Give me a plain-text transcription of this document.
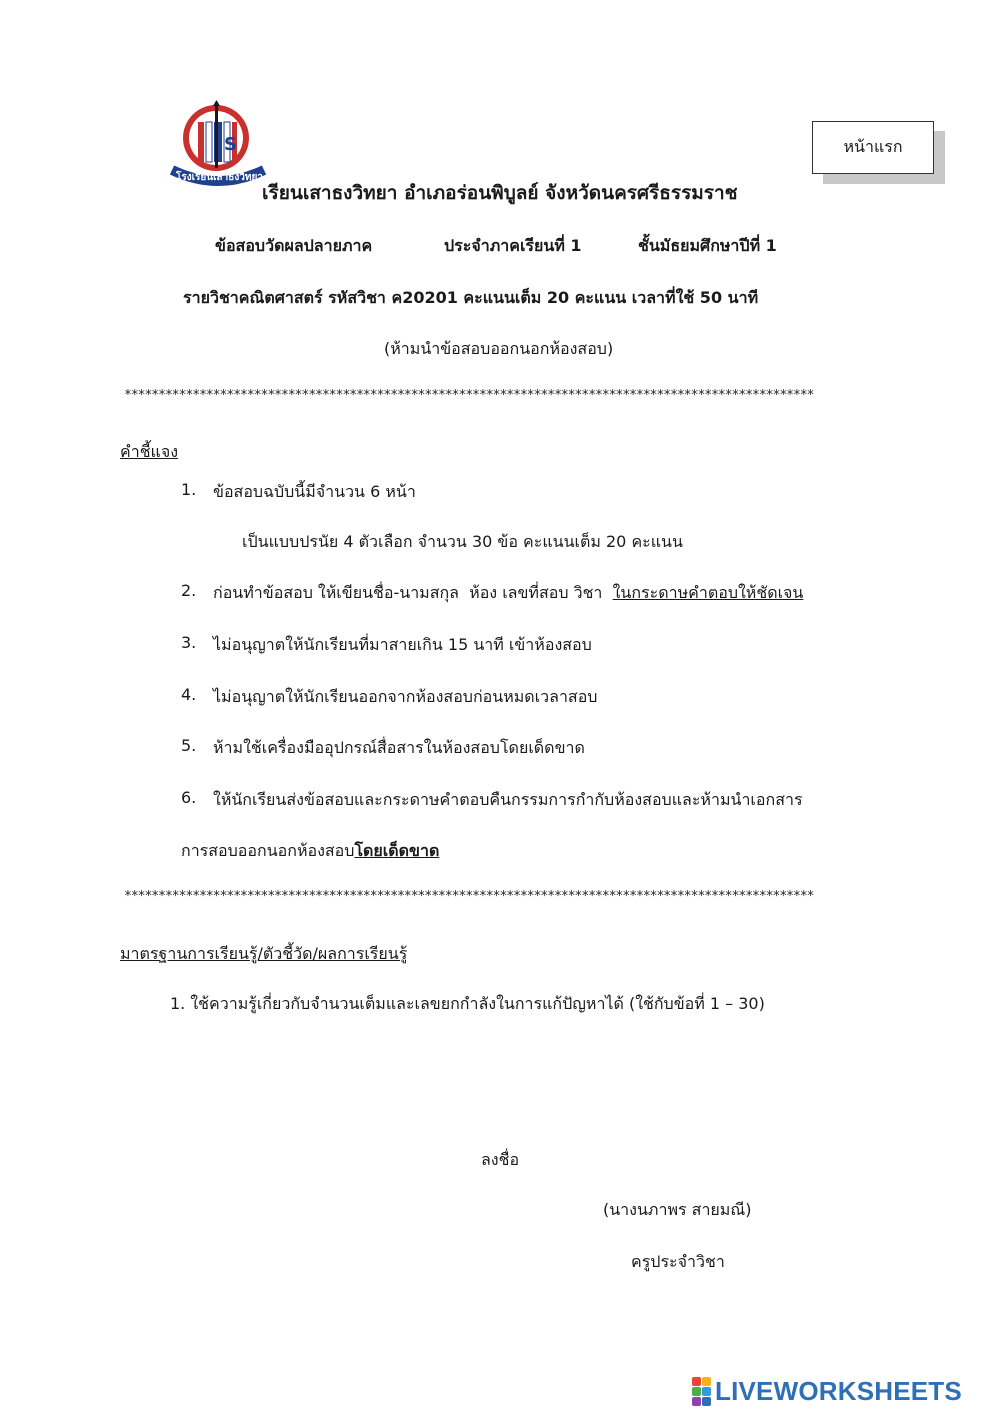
หน้าแรก
S
โรงเรียนเสาธงวิทยา
เรียนเสาธงวิทยา อำเภอร่อนพิบูลย์ จังหวัดนครศรีธรรมราช
ข้อสอบวัดผลปลายภาค	ประจำภาคเรียนที่ 1	ชั้นมัธยมศึกษาปีที่ 1
รายวิชาคณิตศาสตร์ รหัสวิชา ค20201 คะแนนเต็ม 20 คะแนน เวลาที่ใช้ 50 นาที
(ห้ามนำข้อสอบออกนอกห้องสอบ)
*****************************************************************************************************
คำชี้แจง
1. ข้อสอบฉบับนี้มีจำนวน 6 หน้า
เป็นแบบปรนัย 4 ตัวเลือก จำนวน 30 ข้อ คะแนนเต็ม 20 คะแนน
2. ก่อนทำข้อสอบ ให้เขียนชื่อ-นามสกุล  ห้อง เลขที่สอบ วิชา  ในกระดาษคำตอบให้ชัดเจน
3. ไม่อนุญาตให้นักเรียนที่มาสายเกิน 15 นาที เข้าห้องสอบ
4. ไม่อนุญาตให้นักเรียนออกจากห้องสอบก่อนหมดเวลาสอบ
5. ห้ามใช้เครื่องมืออุปกรณ์สื่อสารในห้องสอบโดยเด็ดขาด
6. ให้นักเรียนส่งข้อสอบและกระดาษคำตอบคืนกรรมการกำกับห้องสอบและห้ามนำเอกสาร
การสอบออกนอกห้องสอบโดยเด็ดขาด
*****************************************************************************************************
มาตรฐานการเรียนรู้/ตัวชี้วัด/ผลการเรียนรู้
1. ใช้ความรู้เกี่ยวกับจำนวนเต็มและเลขยกกำลังในการแก้ปัญหาได้ (ใช้กับข้อที่ 1 – 30)
ลงชื่อ
(นางนภาพร สายมณี)
ครูประจำวิชา
LIVEWORKSHEETS
